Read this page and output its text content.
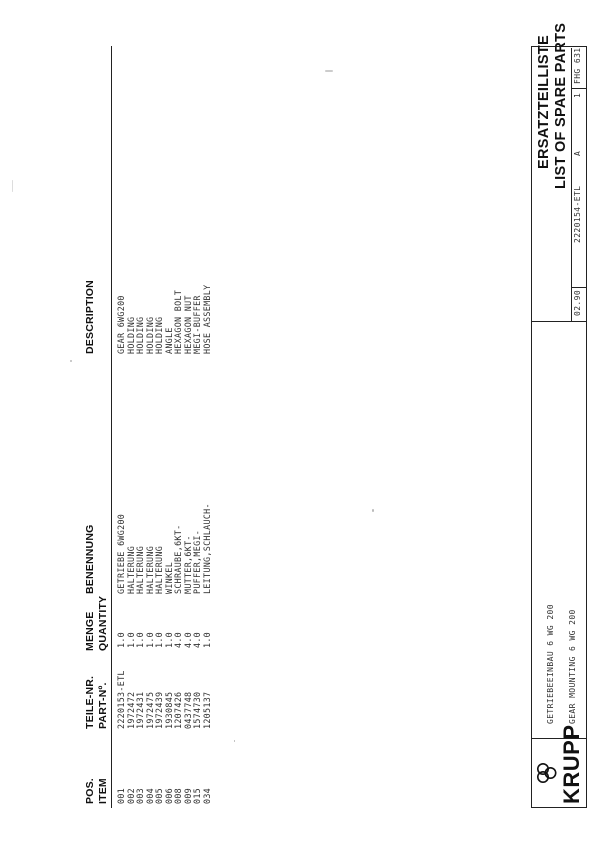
POS. ITEM
TEILE-NR. PART-Nº.
MENGE QUANTITY
BENENNUNG
DESCRIPTION
001 002 003 004 005 006 008 009 015 034
2220153-ETL 1972472 1972431 1972475 1972439 1930845 1207426 0437748 1574730 1205137
1.0 1.0 1.0 1.0 1.0 1.0 4.0 4.0 4.0 1.0
GETRIEBE 6WG200 HALTERUNG HALTERUNG HALTERUNG HALTERUNG WINKEL SCHRAUBE,6KT- MUTTER,6KT- PUFFER,MEGI- LEITUNG,SCHLAUCH-
GEAR 6WG200 HOLDING HOLDING HOLDING HOLDING ANGLE HEXAGON BOLT HEXAGON NUT MEGI-BUFFER HOSE ASSEMBLY
KRUPP
GETRIEBEEINBAU 6 WG 200 GEAR MOUNTING 6 WG 200
ERSATZTEILLISTE LIST OF SPARE PARTS
02.90
2220154-ETL
A
1
FHG 631
